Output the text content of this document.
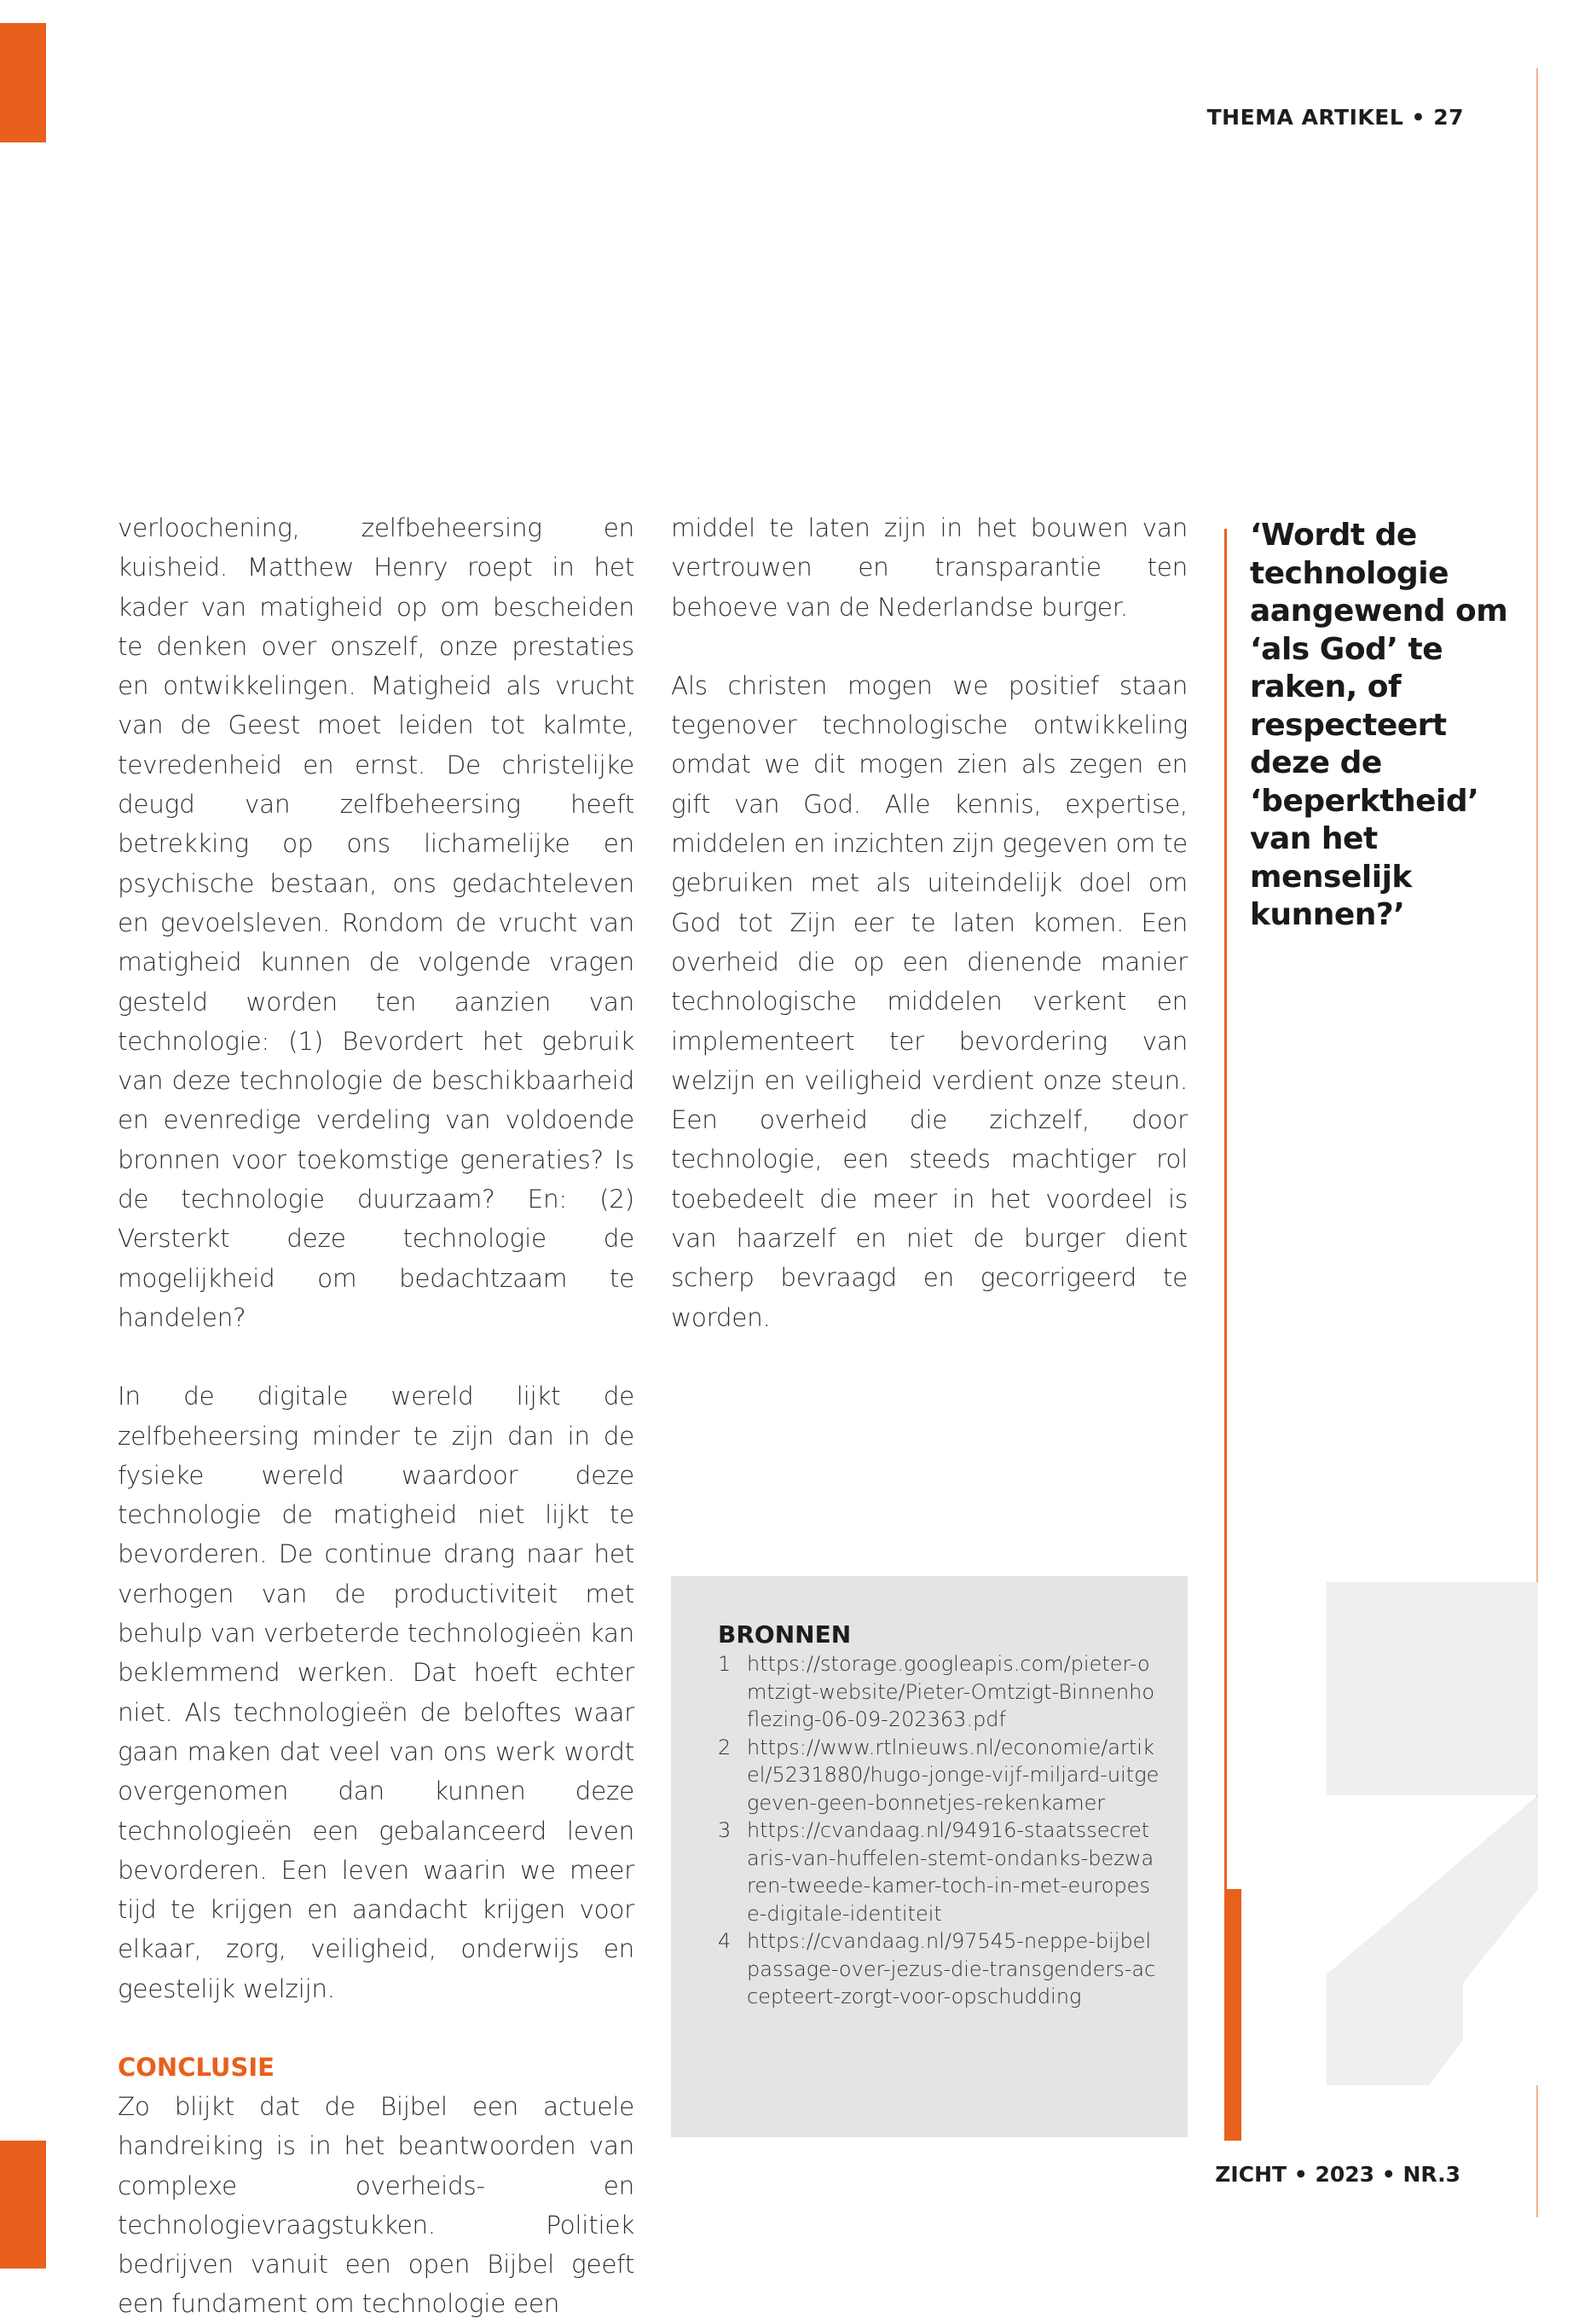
THEMA ARTIKEL • 27

verloochening, zelfbeheersing en kuisheid. Matthew Henry roept in het kader van matigheid op om bescheiden te denken over onszelf, onze prestaties en ontwikkelingen. Matigheid als vrucht van de Geest moet leiden tot kalmte, tevredenheid en ernst. De christelijke deugd van zelfbeheersing heeft betrekking op ons lichamelijke en psychische bestaan, ons gedachteleven en gevoelsleven. Rondom de vrucht van matigheid kunnen de volgende vragen gesteld worden ten aanzien van technologie: (1) Bevordert het gebruik van deze technologie de beschikbaarheid en evenredige verdeling van voldoende bronnen voor toekomstige generaties? Is de technologie duurzaam? En: (2) Versterkt deze technologie de mogelijkheid om bedachtzaam te handelen?

In de digitale wereld lijkt de zelfbeheersing minder te zijn dan in de fysieke wereld waardoor deze technologie de matigheid niet lijkt te bevorderen. De continue drang naar het verhogen van de productiviteit met behulp van verbeterde technologieën kan beklemmend werken. Dat hoeft echter niet. Als technologieën de beloftes waar gaan maken dat veel van ons werk wordt overgenomen dan kunnen deze technologieën een gebalanceerd leven bevorderen. Een leven waarin we meer tijd te krijgen en aandacht krijgen voor elkaar, zorg, veiligheid, onderwijs en geestelijk welzijn.

CONCLUSIE

Zo blijkt dat de Bijbel een actuele handreiking is in het beantwoorden van complexe overheids- en technologievraagstukken. Politiek bedrijven vanuit een open Bijbel geeft een fundament om technologie een

middel te laten zijn in het bouwen van vertrouwen en transparantie ten behoeve van de Nederlandse burger.

Als christen mogen we positief staan tegenover technologische ontwikkeling omdat we dit mogen zien als zegen en gift van God. Alle kennis, expertise, middelen en inzichten zijn gegeven om te gebruiken met als uiteindelijk doel om God tot Zijn eer te laten komen. Een overheid die op een dienende manier technologische middelen verkent en implementeert ter bevordering van welzijn en veiligheid verdient onze steun. Een overheid die zichzelf, door technologie, een steeds machtiger rol toebedeelt die meer in het voordeel is van haarzelf en niet de burger dient scherp bevraagd en gecorrigeerd te worden.

‘Wordt de technologie aangewend om ‘als God’ te raken, of respecteert deze de ‘beperktheid’ van het menselijk kunnen?’
BRONNEN
1 https://storage.googleapis.com/pieter-omtzigt-website/Pieter-Omtzigt-Binnenhoflezing-06-09-202363.pdf
2 https://www.rtlnieuws.nl/economie/artikel/5231880/hugo-jonge-vijf-miljard-uitgegeven-geen-bonnetjes-rekenkamer
3 https://cvandaag.nl/94916-staatssecretaris-van-huffelen-stemt-ondanks-bezwaren-tweede-kamer-toch-in-met-europese-digitale-identiteit
4 https://cvandaag.nl/97545-neppe-bijbelpassage-over-jezus-die-transgenders-accepteert-zorgt-voor-opschudding
ZICHT • 2023 • NR.3
